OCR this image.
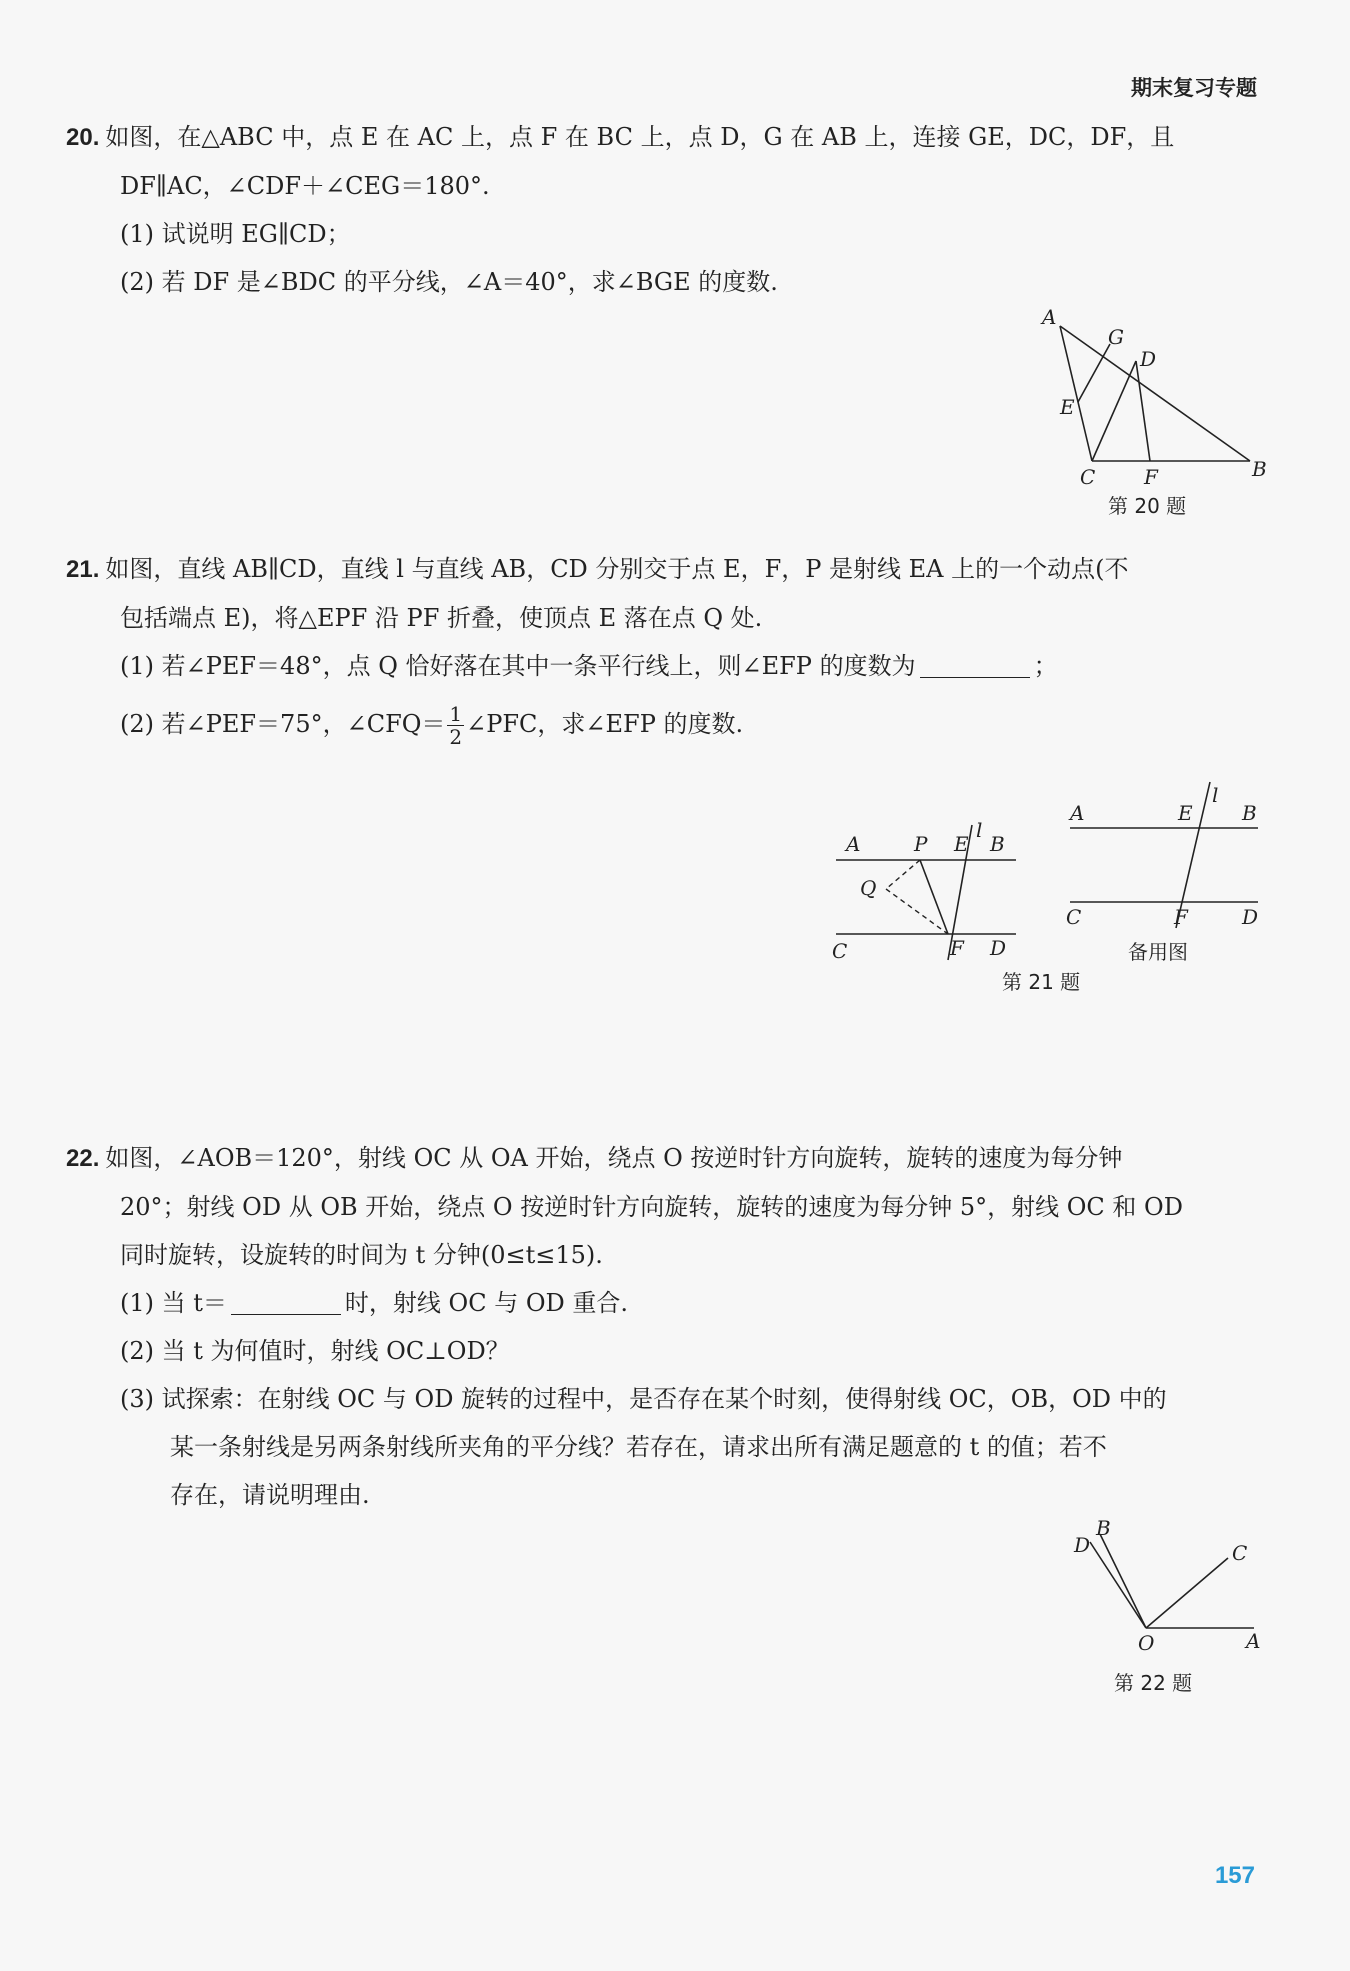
期末复习专题
20. 如图，在△ABC 中，点 E 在 AC 上，点 F 在 BC 上，点 D，G 在 AB 上，连接 GE，DC，DF，且
DF∥AC，∠CDF＋∠CEG＝180°.
(1) 试说明 EG∥CD；
(2) 若 DF 是∠BDC 的平分线，∠A＝40°，求∠BGE 的度数.
A
G
D
E
C F	B
第 20 题
21. 如图，直线 AB∥CD，直线 l 与直线 AB，CD 分别交于点 E，F，P 是射线 EA 上的一个动点(不
包括端点 E)，将△EPF 沿 PF 折叠，使顶点 E 落在点 Q 处.
(1) 若∠PEF＝48°，点 Q 恰好落在其中一条平行线上，则∠EFP 的度数为	；
(2) 若∠PEF＝75°，∠CFQ＝ $\frac{1}{2}$ ∠PFC，求∠EFP 的度数.
A	P E
l
B
Q
C	F D
A	E
l
B
C	F	D
备用图
第 21 题
22. 如图，∠AOB＝120°，射线 OC 从 OA 开始，绕点 O 按逆时针方向旋转，旋转的速度为每分钟
20°；射线 OD 从 OB 开始，绕点 O 按逆时针方向旋转，旋转的速度为每分钟 5°，射线 OC 和 OD
同时旋转，设旋转的时间为 t 分钟(0≤t≤15).
(1) 当 t＝	时，射线 OC 与 OD 重合.
(2) 当 t 为何值时，射线 OC⊥OD？
(3) 试探索：在射线 OC 与 OD 旋转的过程中，是否存在某个时刻，使得射线 OC，OB，OD 中的
某一条射线是另两条射线所夹角的平分线？若存在，请求出所有满足题意的 t 的值；若不
存在，请说明理由.
B
D	C
O	A
第 22 题
157
